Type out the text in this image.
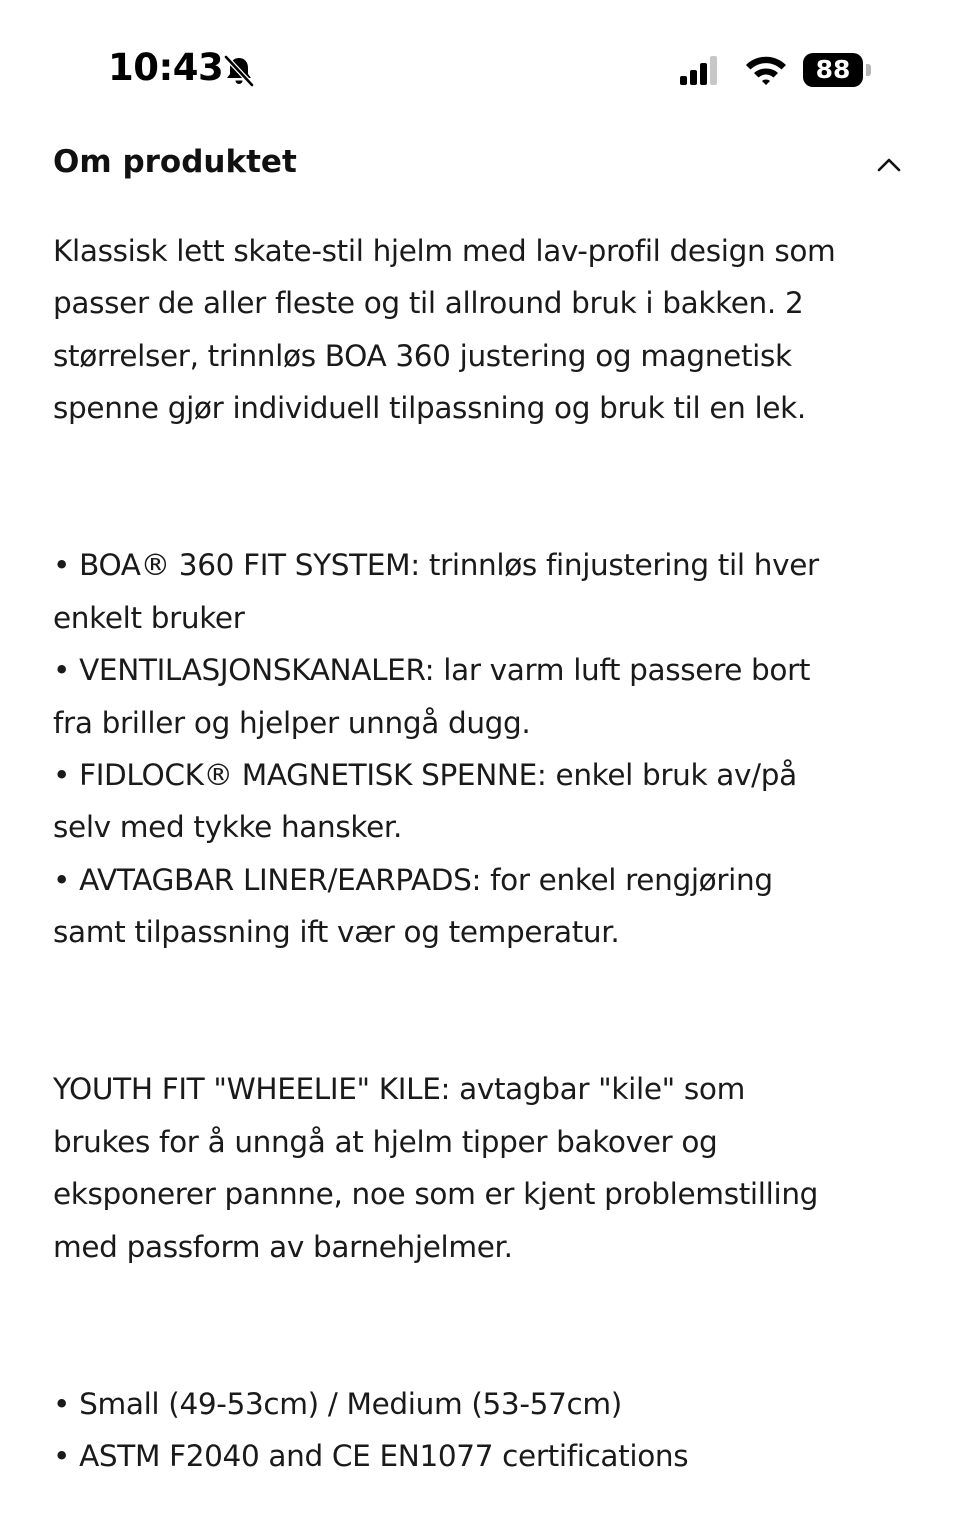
10:43	88
Om produktet

Klassisk lett skate-stil hjelm med lav-profil design som
passer de aller fleste og til allround bruk i bakken. 2
størrelser, trinnløs BOA 360 justering og magnetisk
spenne gjør individuell tilpassning og bruk til en lek.

• BOA® 360 FIT SYSTEM: trinnløs finjustering til hver
enkelt bruker
• VENTILASJONSKANALER: lar varm luft passere bort
fra briller og hjelper unngå dugg.
• FIDLOCK® MAGNETISK SPENNE: enkel bruk av/på
selv med tykke hansker.
• AVTAGBAR LINER/EARPADS: for enkel rengjøring
samt tilpassning ift vær og temperatur.

YOUTH FIT "WHEELIE" KILE: avtagbar "kile" som
brukes for å unngå at hjelm tipper bakover og
eksponerer pannne, noe som er kjent problemstilling
med passform av barnehjelmer.

• Small (49-53cm) / Medium (53-57cm)
• ASTM F2040 and CE EN1077 certifications
